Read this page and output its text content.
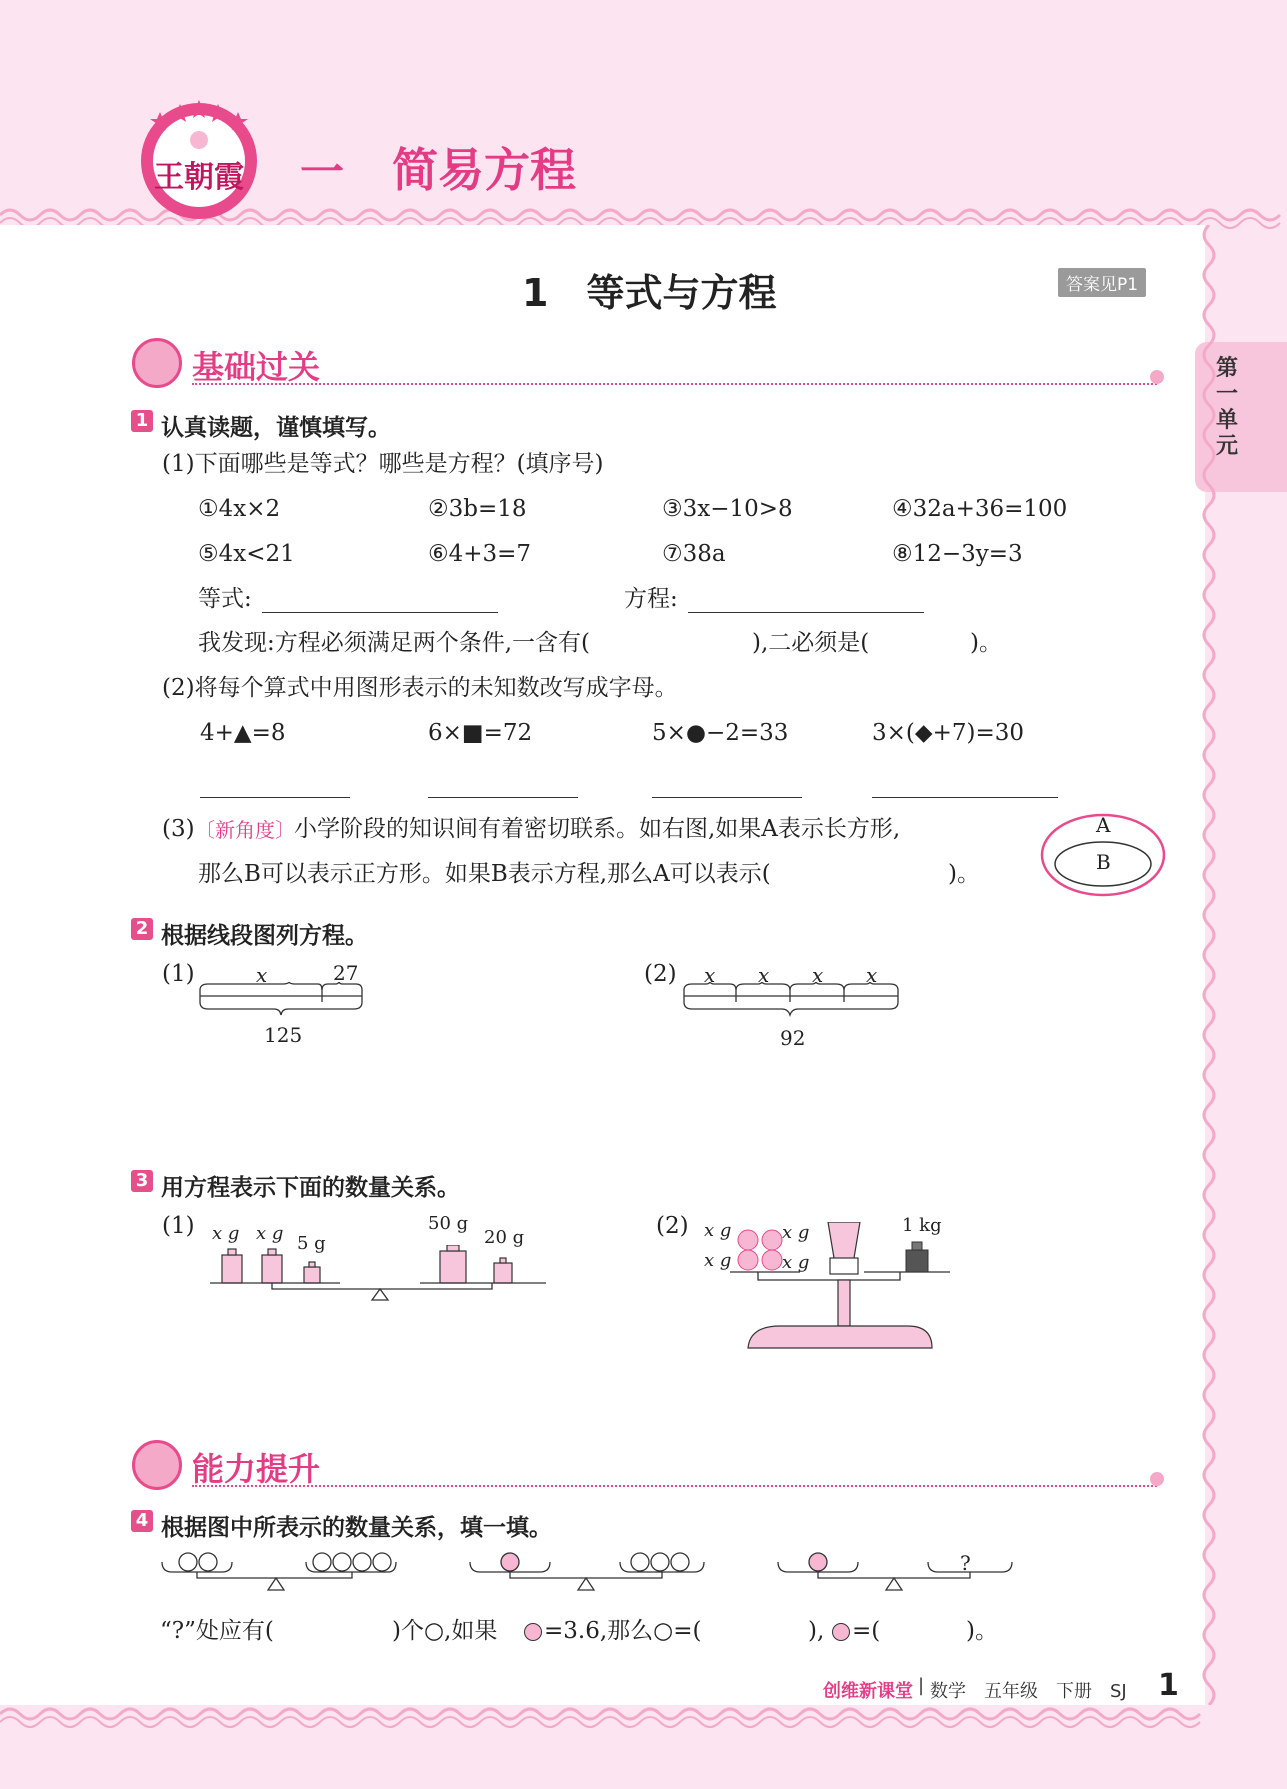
王朝霞 一 简易方程
第
一
单
元
1　等式与方程	答案见P1
基础过关
1 认真读题，谨慎填写。
(1)下面哪些是等式？哪些是方程？(填序号)
①4x×2	②3b=18	③3x−10>8	④32a+36=100
⑤4x<21	⑥4+3=7	⑦38a	⑧12−3y=3
等式:	方程:
我发现:方程必须满足两个条件,一含有(	),二必须是(	)。
(2)将每个算式中用图形表示的未知数改写成字母。
4+▲=8	6×■=72	5×●−2=33	3×(◆+7)=30
(3) 〔新角度〕 小学阶段的知识间有着密切联系。如右图,如果A表示长方形,
那么B可以表示正方形。如果B表示方程,那么A可以表示(	)。
A
B
2 根据线段图列方程。
(1)	x	27
125
(2) x x x x
92
3 用方程表示下面的数量关系。
(1) x g x g 5 g
50 g
20 g	(2) x g	x g
x g	x g
1 kg
能力提升
4 根据图中所表示的数量关系，填一填。
?
“?”处应有(	)个○,如果 =3.6,那么○=(	), =(	)。
创维新课堂 | 数学　五年级　下册　SJ 1
